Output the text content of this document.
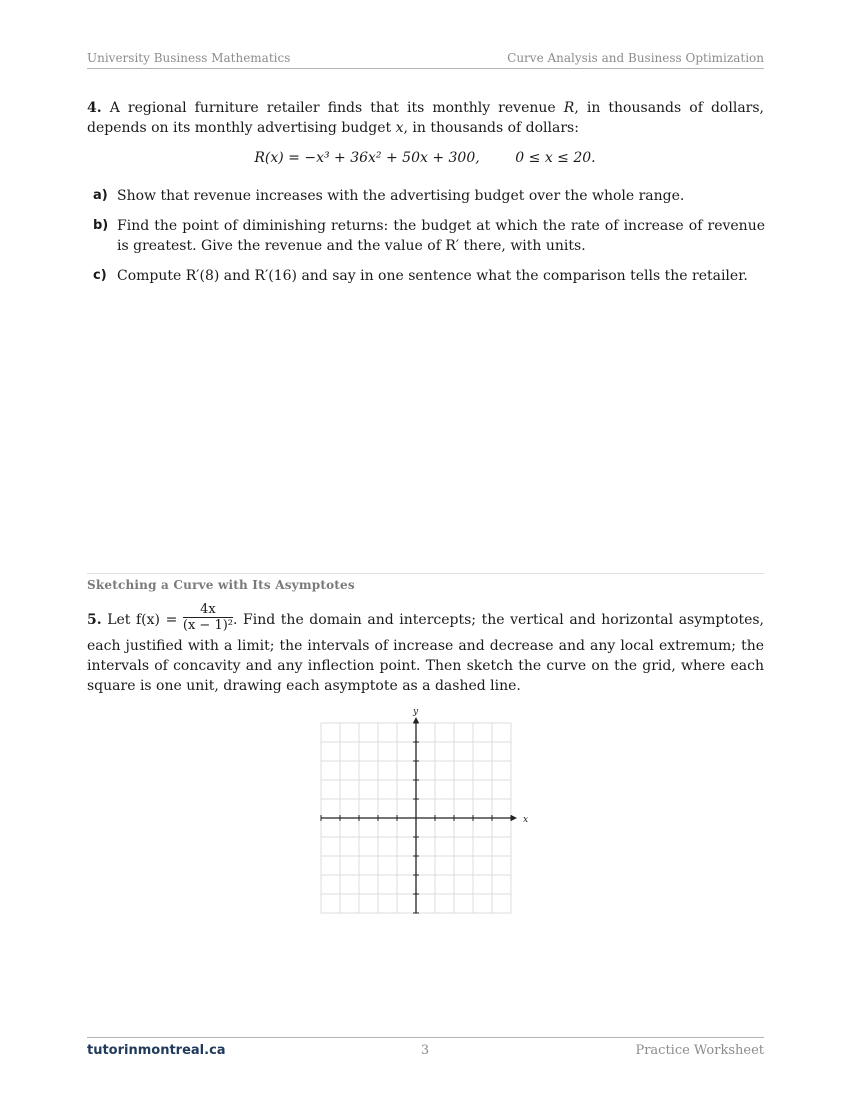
University Business Mathematics	Curve Analysis and Business Optimization
4. A regional furniture retailer finds that its monthly revenue R, in thousands of dollars, depends on its monthly advertising budget x, in thousands of dollars:
R(x) = −x³ + 36x² + 50x + 300,        0 ≤ x ≤ 20.
a) Show that revenue increases with the advertising budget over the whole range.
b) Find the point of diminishing returns: the budget at which the rate of increase of revenue is greatest. Give the revenue and the value of R′ there, with units.
c) Compute R′(8) and R′(16) and say in one sentence what the comparison tells the retailer.
Sketching a Curve with Its Asymptotes
5. Let $f(x) = \frac{4x}{\text{(x − 1)²}}$ . Find the domain and intercepts; the vertical and horizontal asymptotes, each justified with a limit; the intervals of increase and decrease and any local extremum; the intervals of concavity and any inflection point. Then sketch the curve on the grid, where each square is one unit, drawing each asymptote as a dashed line.
x
y
tutorinmontreal.ca	3	Practice Worksheet
